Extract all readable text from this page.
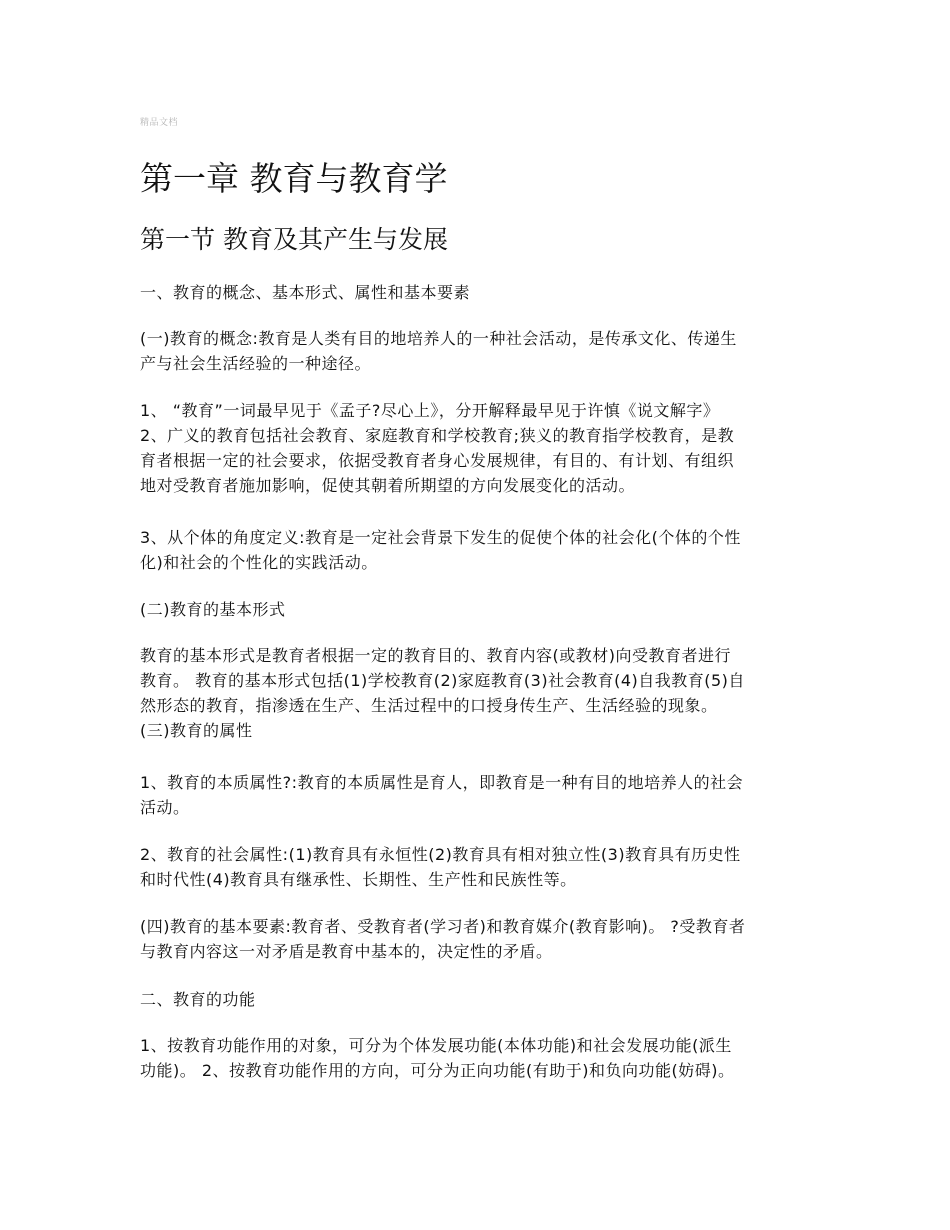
精品文档
第一章 教育与教育学
第一节 教育及其产生与发展

一、教育的概念、基本形式、属性和基本要素

(一)教育的概念:教育是人类有目的地培养人的一种社会活动，是传承文化、传递生
产与社会生活经验的一种途径。

1、 “教育”一词最早见于《孟子?尽心上》，分开解释最早见于许慎《说文解字》
2、广义的教育包括社会教育、家庭教育和学校教育;狭义的教育指学校教育，是教
育者根据一定的社会要求，依据受教育者身心发展规律，有目的、有计划、有组织
地对受教育者施加影响，促使其朝着所期望的方向发展变化的活动。

3、从个体的角度定义:教育是一定社会背景下发生的促使个体的社会化(个体的个性
化)和社会的个性化的实践活动。

(二)教育的基本形式

教育的基本形式是教育者根据一定的教育目的、教育内容(或教材)向受教育者进行
教育。 教育的基本形式包括(1)学校教育(2)家庭教育(3)社会教育(4)自我教育(5)自
然形态的教育，指渗透在生产、生活过程中的口授身传生产、生活经验的现象。
(三)教育的属性

1、教育的本质属性?:教育的本质属性是育人，即教育是一种有目的地培养人的社会
活动。

2、教育的社会属性:(1)教育具有永恒性(2)教育具有相对独立性(3)教育具有历史性
和时代性(4)教育具有继承性、长期性、生产性和民族性等。

(四)教育的基本要素:教育者、受教育者(学习者)和教育媒介(教育影响)。 ?受教育者
与教育内容这一对矛盾是教育中基本的，决定性的矛盾。

二、教育的功能

1、按教育功能作用的对象，可分为个体发展功能(本体功能)和社会发展功能(派生
功能)。 2、按教育功能作用的方向，可分为正向功能(有助于)和负向功能(妨碍)。
